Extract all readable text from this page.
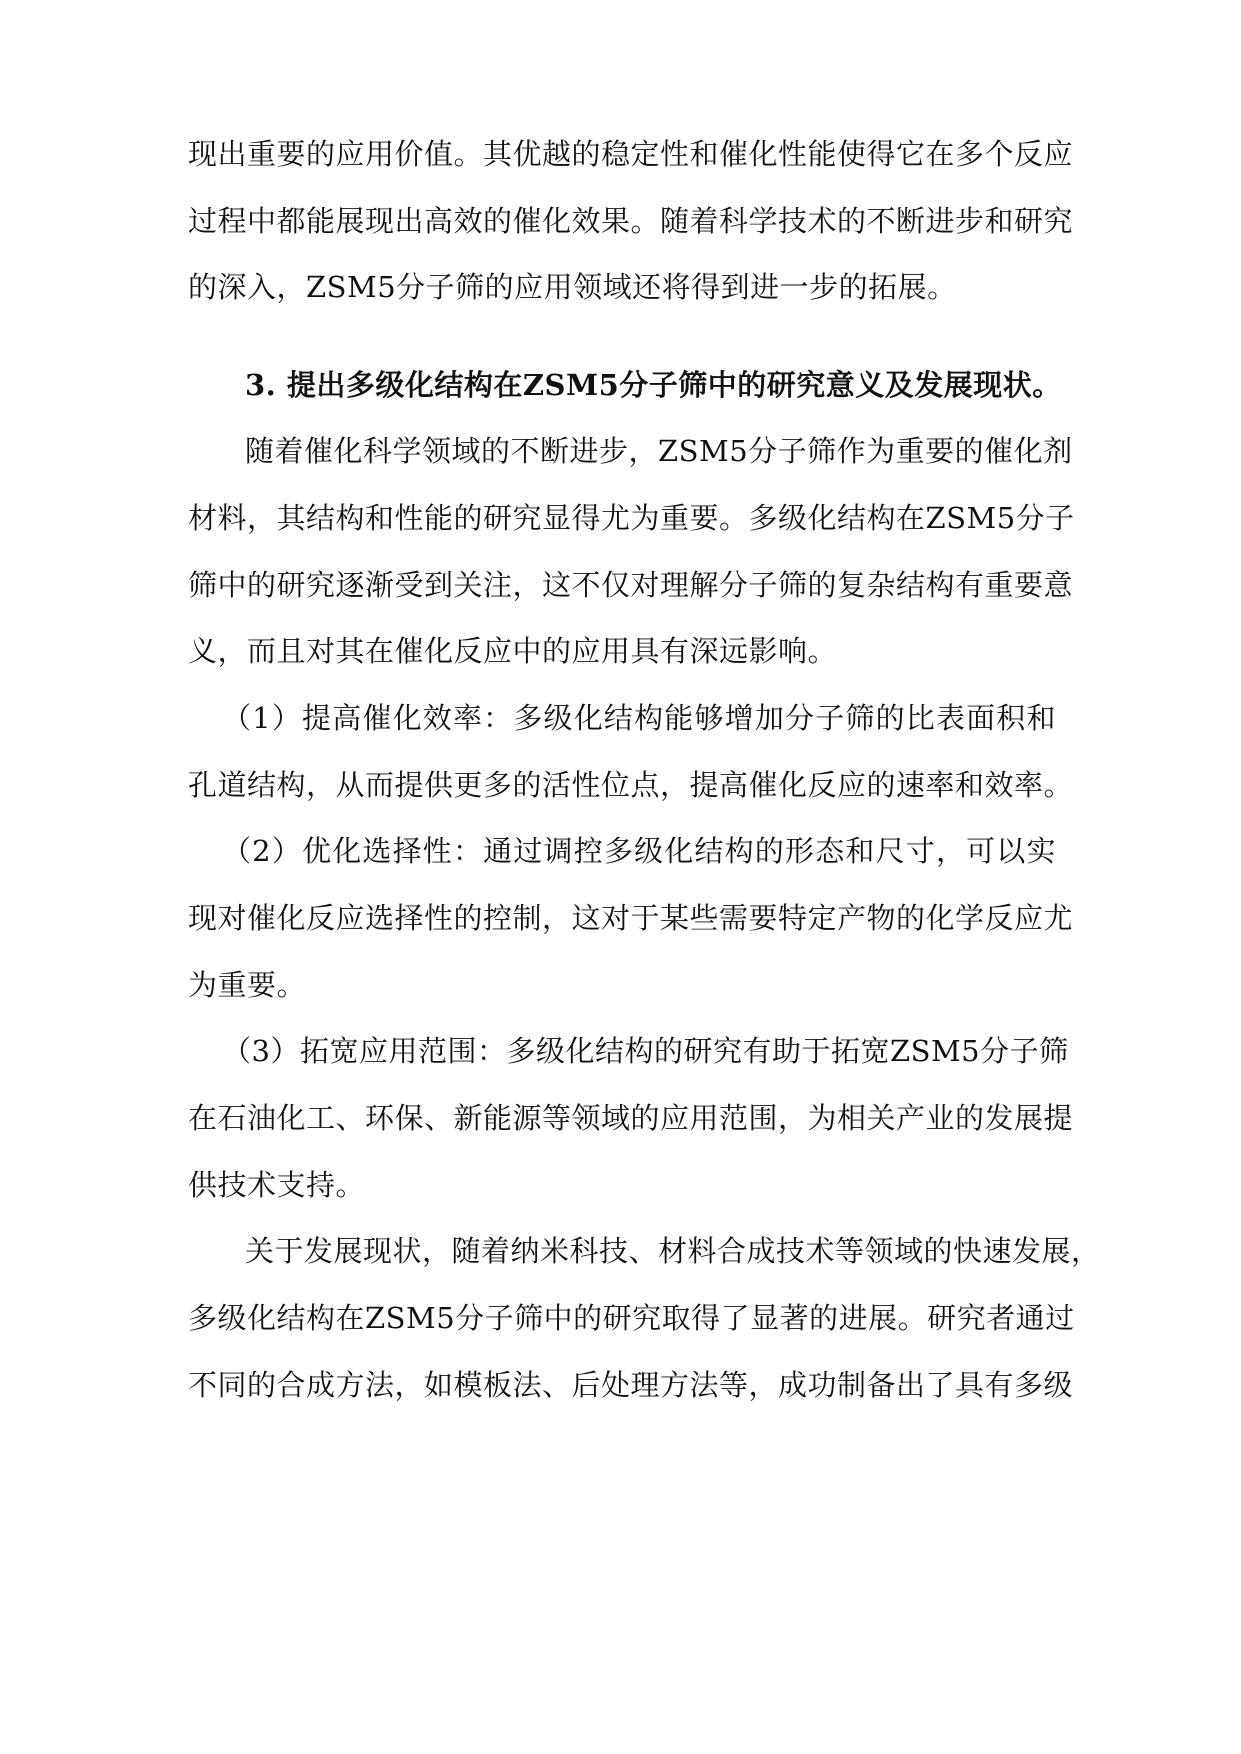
现出重要的应用价值。其优越的稳定性和催化性能使得它在多个反应
过程中都能展现出高效的催化效果。随着科学技术的不断进步和研究
的深入，ZSM5分子筛的应用领域还将得到进一步的拓展。
3. 提出多级化结构在ZSM5分子筛中的研究意义及发展现状。
随着催化科学领域的不断进步，ZSM5分子筛作为重要的催化剂
材料，其结构和性能的研究显得尤为重要。多级化结构在ZSM5分子
筛中的研究逐渐受到关注，这不仅对理解分子筛的复杂结构有重要意
义，而且对其在催化反应中的应用具有深远影响。
（1）提高催化效率：多级化结构能够增加分子筛的比表面积和
孔道结构，从而提供更多的活性位点，提高催化反应的速率和效率。
（2）优化选择性：通过调控多级化结构的形态和尺寸，可以实
现对催化反应选择性的控制，这对于某些需要特定产物的化学反应尤
为重要。
（3）拓宽应用范围：多级化结构的研究有助于拓宽ZSM5分子筛
在石油化工、环保、新能源等领域的应用范围，为相关产业的发展提
供技术支持。
关于发展现状，随着纳米科技、材料合成技术等领域的快速发展，
多级化结构在ZSM5分子筛中的研究取得了显著的进展。研究者通过
不同的合成方法，如模板法、后处理方法等，成功制备出了具有多级
